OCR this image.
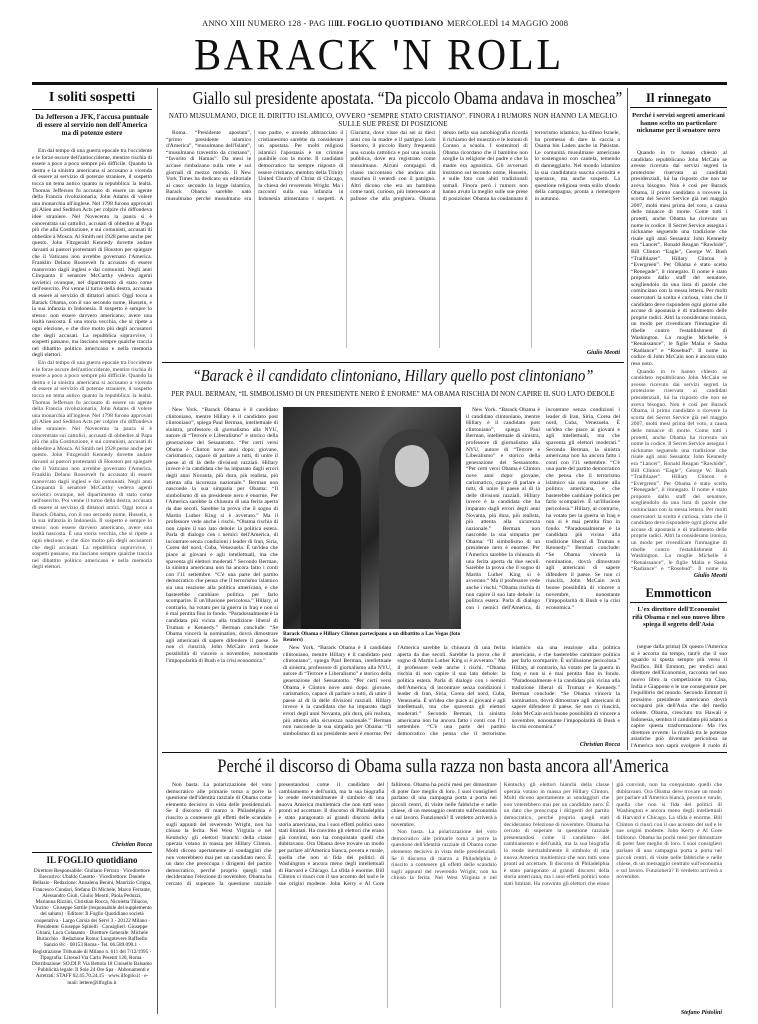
ANNO XIII NUMERO 128 - PAG III
IL FOGLIO QUOTIDIANO MERCOLEDÌ 14 MAGGIO 2008
BARACK 'N ROLL
I soliti sospetti
Da Jefferson a JFK, l'accusa puntuale di essere al servizio non dell'America ma di potenze estere

Ein dal tempo di una guerra epocale tra l'occidente e le forze oscure dell'antioccidente, mentire rischia di essere a poco a poco sempre più difficile. Quando la destra e la sinistra americana si accusano a vicenda di essere al servizio di potenze straniere, il sospetto tocca un tema antico quanto la repubblica: la lealtà. Thomas Jefferson fu accusato di essere un agente della Francia rivoluzionaria, John Adams di volere una monarchia all'inglese. Nel 1798 furono approvati gli Alien and Sedition Acts per colpire chi diffondeva idee straniere. Nel Novecento la paura si è concentrata sui cattolici, accusati di obbedire al Papa più che alla Costituzione, e sui comunisti, accusati di obbedire a Mosca. Al Smith nel 1928 perse anche per questo. John Fitzgerald Kennedy dovette andare davanti ai pastori protestanti di Houston per spiegare che il Vaticano non avrebbe governato l'America. Franklin Delano Roosevelt fu accusato di essere manovrato dagli inglesi e dai comunisti. Negli anni Cinquanta il senatore McCarthy vedeva agenti sovietici ovunque, nel dipartimento di stato come nell'esercito. Poi venne il turno della destra, accusata di essere al servizio di dittatori amici. Oggi tocca a Barack Obama, con il suo secondo nome, Hussein, e la sua infanzia in Indonesia. Il sospetto è sempre lo stesso: non essere davvero americano, avere una lealtà nascosta. È una storia vecchia, che si ripete a ogni elezione, e che dice molto più degli accusatori che degli accusati. La repubblica sopravvive, i sospetti passano, ma lasciano sempre qualche traccia nel dibattito politico americano e nella memoria degli elettori.

Ein dal tempo di una guerra epocale tra l'occidente e le forze oscure dell'antioccidente, mentire rischia di essere a poco a poco sempre più difficile. Quando la destra e la sinistra americana si accusano a vicenda di essere al servizio di potenze straniere, il sospetto tocca un tema antico quanto la repubblica: la lealtà. Thomas Jefferson fu accusato di essere un agente della Francia rivoluzionaria, John Adams di volere una monarchia all'inglese. Nel 1798 furono approvati gli Alien and Sedition Acts per colpire chi diffondeva idee straniere. Nel Novecento la paura si è concentrata sui cattolici, accusati di obbedire al Papa più che alla Costituzione, e sui comunisti, accusati di obbedire a Mosca. Al Smith nel 1928 perse anche per questo. John Fitzgerald Kennedy dovette andare davanti ai pastori protestanti di Houston per spiegare che il Vaticano non avrebbe governato l'America. Franklin Delano Roosevelt fu accusato di essere manovrato dagli inglesi e dai comunisti. Negli anni Cinquanta il senatore McCarthy vedeva agenti sovietici ovunque, nel dipartimento di stato come nell'esercito. Poi venne il turno della destra, accusata di essere al servizio di dittatori amici. Oggi tocca a Barack Obama, con il suo secondo nome, Hussein, e la sua infanzia in Indonesia. Il sospetto è sempre lo stesso: non essere davvero americano, avere una lealtà nascosta. È una storia vecchia, che si ripete a ogni elezione, e che dice molto più degli accusatori che degli accusati. La repubblica sopravvive, i sospetti passano, ma lasciano sempre qualche traccia nel dibattito politico americano e nella memoria degli elettori.

Christian Rocca
IL FOGLIO quotidiano
Direttore Responsabile: Giuliano Ferrara · Vicedirettore Esecutivo: Ubaldo Casotto · Vicedirettore: Daniele Bellasio · Redazione: Annalena Benini, Maurizio Crippa, Francesco Cundari, Stefano Di Michele, Marco Ferrante, Alessandro Giuli, Giulio Meotti, Paola Peduzzi, Marianna Rizzini, Christian Rocca, Nicoletta Tiliacos, Vincino · Giuseppe Sottile (responsabile del supplemento del sabato) · Editore: Il Foglio Quotidiano società cooperativa · Largo Corsia dei Servi 3 - 20122 Milano · Presidente: Giuseppe Spinelli · Consiglieri: Giuseppe Ghiani, Luca Colasanto · Direttore Generale: Michele Buracchio · Redazione Roma: Lungotevere Raffaello Sanzio 8/c · 00153 Roma - Tel. 06.589.090.1 · Registrazione Tribunale di Milano n. 611 del 7/12/1995 · Tipografia: Litosud Via Carlo Pesenti 130, Roma · Distribuzione: SO.DI.P. Via Bettola 18 Cinisello Balsamo · Pubblicità legale: Il Sole 24 Ore Spa · Abbonamenti e Arretrati: STAFF 02.45.70.24.15 · www.ilfoglio.it · e-mail: lettere@ilfoglio.it
Giallo sul presidente apostata. “Da piccolo Obama andava in moschea”
NATO MUSULMANO, DICE IL DIRITTO ISLAMICO, OVVERO “SEMPRE STATO CRISTIANO”. FINORA I RUMORS NON HANNO LA MEGLIO SULLE SUE PRESE DI POSIZIONE

Roma. “Presidente apostata”, “primo presidente islamico d'America”, “musulmano dell'Islam”, “musulmano travestito da cristiano”, “favorito di Hamas”. Da mesi le accuse rimbalzano sulla rete e sui giornali di mezzo mondo. Il New York Times ha dedicato un editoriale al caso: secondo la legge islamica, Barack Obama sarebbe nato musulmano perché musulmano era suo padre, e avendo abbracciato il cristianesimo sarebbe da considerare un apostata. Per molti religiosi islamici l'apostasia è un crimine punibile con la morte. Il candidato democratico ha sempre risposto di essere cristiano, membro della Trinity United Church of Christ di Chicago, la chiesa del reverendo Wright. Ma i racconti sulla sua infanzia in Indonesia alimentano i sospetti. A Giacarta, dove visse dai sei ai dieci anni con la madre e il patrigno Lolo Soetoro, il piccolo Barry frequentò una scuola cattolica e poi una scuola pubblica, dove era registrato come musulmano. Alcuni compagni di classe raccontano che andava alla moschea il venerdì con il patrigno. Altri dicono che era un bambino come tanti, curioso, più interessato al pallone che alla preghiera. Obama stesso nella sua autobiografia ricorda il richiamo del muezzin e le lezioni di Corano a scuola. I sostenitori di Obama ricordano che il bambino non sceglie la religione del padre e che la madre era agnostica. Gli avversari insistono sul secondo nome, Hussein, e sulle foto con abiti tradizionali somali. Finora però i rumors non hanno avuto la meglio sulle sue prese di posizione: Obama ha condannato il terrorismo islamico, ha difeso Israele, ha promesso di dare la caccia a Osama bin Laden anche in Pakistan. Le comunità musulmane americane lo sostengono con cautela, temendo di danneggiarlo. Nel mondo islamico la sua candidatura suscita curiosità e speranze, ma anche sospetti. La questione religiosa resta sullo sfondo della campagna, pronta a riemergere in autunno.

Giulio Meotti
“Barack è il candidato clintoniano, Hillary quello post clintoniano”
PER PAUL BERMAN, “IL SIMBOLISMO DI UN PRESIDENTE NERO È ENORME” MA OBAMA RISCHIA DI NON CAPIRE IL SUO LATO DEBOLE

New York. “Barack Obama è il candidato clintoniano, mentre Hillary è il candidato post clintoniano”, spiega Paul Berman, intellettuale di sinistra, professore di giornalismo alla NYU, autore di “Terrore e Liberalismo” e storico della generazione del Sessantotto. “Per certi versi Obama è Clinton nove anni dopo: giovane, carismatico, capace di parlare a tutti, di unire il paese al di là delle divisioni razziali. Hillary invece è la candidata che ha imparato dagli errori degli anni Novanta, più dura, più realista, più attenta alla sicurezza nazionale.” Berman non nasconde la sua simpatia per Obama: “Il simbolismo di un presidente nero è enorme. Per l'America sarebbe la chiusura di una ferita aperta da due secoli. Sarebbe la prova che il sogno di Martin Luther King si è avverato.” Ma il professore vede anche i rischi. “Obama rischia di non capire il suo lato debole: la politica estera. Parla di dialogo con i nemici dell'America, di incontrare senza condizioni i leader di Iran, Siria, Corea del nord, Cuba, Venezuela. È un'idea che piace ai giovani e agli intellettuali, ma che spaventa gli elettori moderati.” Secondo Berman, la sinistra americana non ha ancora fatto i conti con l'11 settembre. “C'è una parte del partito democratico che pensa che il terrorismo islamico sia una reazione alla politica americana, e che basterebbe cambiare politica per farlo scomparire. È un'illusione pericolosa.” Hillary, al contrario, ha votato per la guerra in Iraq e non si è mai pentita fino in fondo. “Paradossalmente è la candidata più vicina alla tradizione liberal di Truman e Kennedy.” Berman conclude: “Se Obama vincerà la nomination, dovrà dimostrare agli americani di sapere difendere il paese. Se non ci riuscirà, John McCain avrà buone possibilità di vincere a novembre, nonostante l'impopolarità di Bush e la crisi economica.”

Barack Obama e Hillary Clinton partecipano a un dibattito a Las Vegas (foto Reuters)

New York. “Barack Obama è il candidato clintoniano, mentre Hillary è il candidato post clintoniano”, spiega Paul Berman, intellettuale di sinistra, professore di giornalismo alla NYU, autore di “Terrore e Liberalismo” e storico della generazione del Sessantotto. “Per certi versi Obama è Clinton nove anni dopo: giovane, carismatico, capace di parlare a tutti, di unire il paese al di là delle divisioni razziali. Hillary invece è la candidata che ha imparato dagli errori degli anni Novanta, più dura, più realista, più attenta alla sicurezza nazionale.” Berman non nasconde la sua simpatia per Obama: “Il simbolismo di un presidente nero è enorme. Per l'America sarebbe la chiusura di una ferita aperta da due secoli. Sarebbe la prova che il sogno di Martin Luther King si è avverato.” Ma il professore vede anche i rischi. “Obama rischia di non capire il suo lato debole: la politica estera. Parla di dialogo con i nemici dell'America, di incontrare senza condizioni i leader di Iran, Siria, Corea del nord, Cuba, Venezuela. È un'idea che piace ai giovani e agli intellettuali, ma che spaventa gli elettori moderati.” Secondo Berman, la sinistra americana non ha ancora fatto i conti con l'11 settembre. “C'è una parte del partito democratico che pensa che il terrorismo islamico sia una reazione alla politica americana, e che basterebbe cambiare politica per farlo scomparire. È un'illusione pericolosa.” Hillary, al contrario, ha votato per la guerra in Iraq e non si è mai pentita fino in fondo. “Paradossalmente è la candidata più vicina alla tradizione liberal di Truman e Kennedy.” Berman conclude: “Se Obama vincerà la nomination, dovrà dimostrare agli americani di sapere difendere il paese. Se non ci riuscirà, John McCain avrà buone possibilità di vincere a novembre, nonostante l'impopolarità di Bush e la crisi economica.”

New York. “Barack Obama è il candidato clintoniano, mentre Hillary è il candidato post clintoniano”, spiega Paul Berman, intellettuale di sinistra, professore di giornalismo alla NYU, autore di “Terrore e Liberalismo” e storico della generazione del Sessantotto. “Per certi versi Obama è Clinton nove anni dopo: giovane, carismatico, capace di parlare a tutti, di unire il paese al di là delle divisioni razziali. Hillary invece è la candidata che ha imparato dagli errori degli anni Novanta, più dura, più realista, più attenta alla sicurezza nazionale.” Berman non nasconde la sua simpatia per Obama: “Il simbolismo di un presidente nero è enorme. Per l'America sarebbe la chiusura di una ferita aperta da due secoli. Sarebbe la prova che il sogno di Martin Luther King si è avverato.” Ma il professore vede anche i rischi. “Obama rischia di non capire il suo lato debole: la politica estera. Parla di dialogo con i nemici dell'America, di incontrare senza condizioni i leader di Iran, Siria, Corea del nord, Cuba, Venezuela. È un'idea che piace ai giovani e agli intellettuali, ma che spaventa gli elettori moderati.” Secondo Berman, la sinistra americana non ha ancora fatto i conti con l'11 settembre. “C'è una parte del partito democratico che pensa che il terrorismo islamico sia una reazione alla politica americana, e che basterebbe cambiare politica per farlo scomparire. È un'illusione pericolosa.” Hillary, al contrario, ha votato per la guerra in Iraq e non si è mai pentita fino in fondo. “Paradossalmente è la candidata più vicina alla tradizione liberal di Truman e Kennedy.” Berman conclude: “Se Obama vincerà la nomination, dovrà dimostrare agli americani di sapere difendere il paese. Se non ci riuscirà, John McCain avrà buone possibilità di vincere a novembre, nonostante l'impopolarità di Bush e la crisi economica.”

Christian Rocca
Perché il discorso di Obama sulla razza non basta ancora all'America

Non basta. La polarizzazione del voto democratico alle primarie torna a porre la questione dell'identità razziale di Obama come elemento decisivo in vista delle presidenziali. Se il discorso di marzo a Philadelphia è riuscito a contenere gli effetti delle scandalo sugli appunti del reverendo Wright, non ha chiuso la ferita. Nel West Virginia e nel Kentucky gli elettori bianchi della classe operaia votano in massa per Hillary Clinton. Molti dicono apertamente ai sondaggisti che non voterebbero mai per un candidato nero. È un dato che preoccupa i dirigenti del partito democratico, perché proprio quegli stati decideranno l'elezione di novembre. Obama ha cercato di superare la questione razziale presentandosi come il candidato del cambiamento e dell'unità, ma la sua biografia lo rende inevitabilmente il simbolo di una nuova America multietnica che non tutti sono pronti ad accettare. Il discorso di Philadelphia è stato paragonato ai grandi discorsi della storia americana, ma i suoi effetti politici sono stati limitati. Ha convinto gli elettori che erano già convinti, non ha conquistato quelli che dubitavano. Ora Obama deve trovare un modo per parlare all'America bianca, povera e rurale, quella che non si fida dei politici di Washington e ancora meno degli intellettuali di Harvard e Chicago. La sfida è enorme. Bill Clinton ci riuscì con il suo accento del sud e le sue origini modeste. John Kerry e Al Gore fallirono. Obama ha pochi mesi per dimostrare di poter fare meglio di loro. I suoi consiglieri parlano di una campagna porta a porta nei piccoli centri, di visite nelle fabbriche e nelle chiese, di un messaggio centrato sull'economia e sul lavoro. Funzionerà? Il verdetto arriverà a novembre.

Non basta. La polarizzazione del voto democratico alle primarie torna a porre la questione dell'identità razziale di Obama come elemento decisivo in vista delle presidenziali. Se il discorso di marzo a Philadelphia è riuscito a contenere gli effetti delle scandalo sugli appunti del reverendo Wright, non ha chiuso la ferita. Nel West Virginia e nel Kentucky gli elettori bianchi della classe operaia votano in massa per Hillary Clinton. Molti dicono apertamente ai sondaggisti che non voterebbero mai per un candidato nero. È un dato che preoccupa i dirigenti del partito democratico, perché proprio quegli stati decideranno l'elezione di novembre. Obama ha cercato di superare la questione razziale presentandosi come il candidato del cambiamento e dell'unità, ma la sua biografia lo rende inevitabilmente il simbolo di una nuova America multietnica che non tutti sono pronti ad accettare. Il discorso di Philadelphia è stato paragonato ai grandi discorsi della storia americana, ma i suoi effetti politici sono stati limitati. Ha convinto gli elettori che erano già convinti, non ha conquistato quelli che dubitavano. Ora Obama deve trovare un modo per parlare all'America bianca, povera e rurale, quella che non si fida dei politici di Washington e ancora meno degli intellettuali di Harvard e Chicago. La sfida è enorme. Bill Clinton ci riuscì con il suo accento del sud e le sue origini modeste. John Kerry e Al Gore fallirono. Obama ha pochi mesi per dimostrare di poter fare meglio di loro. I suoi consiglieri parlano di una campagna porta a porta nei piccoli centri, di visite nelle fabbriche e nelle chiese, di un messaggio centrato sull'economia e sul lavoro. Funzionerà? Il verdetto arriverà a novembre.

Stefano Pistolini
Il rinnegato
Perché i servizi segreti americani hanno scelto un particolare nickname per il senatore nero

Quando in tv hanno chiesto al candidato repubblicano John McCain se avesse ricevuto dai servizi segreti la protezione riservata ai candidati presidenziali, lui ha risposto che non ne aveva bisogno. Non è così per Barack Obama, il primo candidato a ricevere la scorta del Secret Service già nel maggio 2007, molti mesi prima del voto, a causa delle minacce di morte. Come tutti i protetti, anche Obama ha ricevuto un nome in codice. Il Secret Service assegna i nickname seguendo una tradizione che risale agli anni Sessanta: John Kennedy era “Lancer”, Ronald Reagan “Rawhide”, Bill Clinton “Eagle”, George W. Bush “Trailblazer”. Hillary Clinton è “Evergreen”. Per Obama è stato scelto “Renegade”, il rinnegato. Il nome è stato proposto dallo staff del senatore, scegliendolo da una lista di parole che cominciano con la stessa lettera. Per molti osservatori la scelta è curiosa, visto che il candidato deve rispondere ogni giorno alle accuse di apostasia e di tradimento delle proprie radici. Altri la considerano ironica, un modo per rivendicare l'immagine di ribelle contro l'establishment di Washington. La moglie Michelle è “Renaissance”, le figlie Malia e Sasha “Radiance” e “Rosebud”. Il nome in codice di John McCain non è ancora stato reso noto.

Quando in tv hanno chiesto al candidato repubblicano John McCain se avesse ricevuto dai servizi segreti la protezione riservata ai candidati presidenziali, lui ha risposto che non ne aveva bisogno. Non è così per Barack Obama, il primo candidato a ricevere la scorta del Secret Service già nel maggio 2007, molti mesi prima del voto, a causa delle minacce di morte. Come tutti i protetti, anche Obama ha ricevuto un nome in codice. Il Secret Service assegna i nickname seguendo una tradizione che risale agli anni Sessanta: John Kennedy era “Lancer”, Ronald Reagan “Rawhide”, Bill Clinton “Eagle”, George W. Bush “Trailblazer”. Hillary Clinton è “Evergreen”. Per Obama è stato scelto “Renegade”, il rinnegato. Il nome è stato proposto dallo staff del senatore, scegliendolo da una lista di parole che cominciano con la stessa lettera. Per molti osservatori la scelta è curiosa, visto che il candidato deve rispondere ogni giorno alle accuse di apostasia e di tradimento delle proprie radici. Altri la considerano ironica, un modo per rivendicare l'immagine di ribelle contro l'establishment di Washington. La moglie Michelle è “Renaissance”, le figlie Malia e Sasha “Radiance” e “Rosebud”. Il nome in

Giulio Meotti
Emmotticon
L'ex direttore dell'Economist rifà Obama e nel suo nuovo libro spiega il segreto dell'Asia

(segue dalla prima) Di questo l'America si è accorta da tempo, tant'è che il suo sguardo si sposta sempre più verso il Pacifico. Bill Emmott, per tredici anni direttore dell'Economist, racconta nel suo nuovo libro la competizione tra Cina, India e Giappone e le sue conseguenze per l'equilibrio del mondo. Secondo Emmott il prossimo presidente americano dovrà occuparsi più dell'Asia che del medio oriente. Obama, cresciuto tra Hawaii e Indonesia, sembra il candidato più adatto a capire questa trasformazione. Ma l'ex direttore avverte: la rivalità tra le potenze asiatiche può diventare pericolosa se l'America non saprà svolgere il ruolo di
